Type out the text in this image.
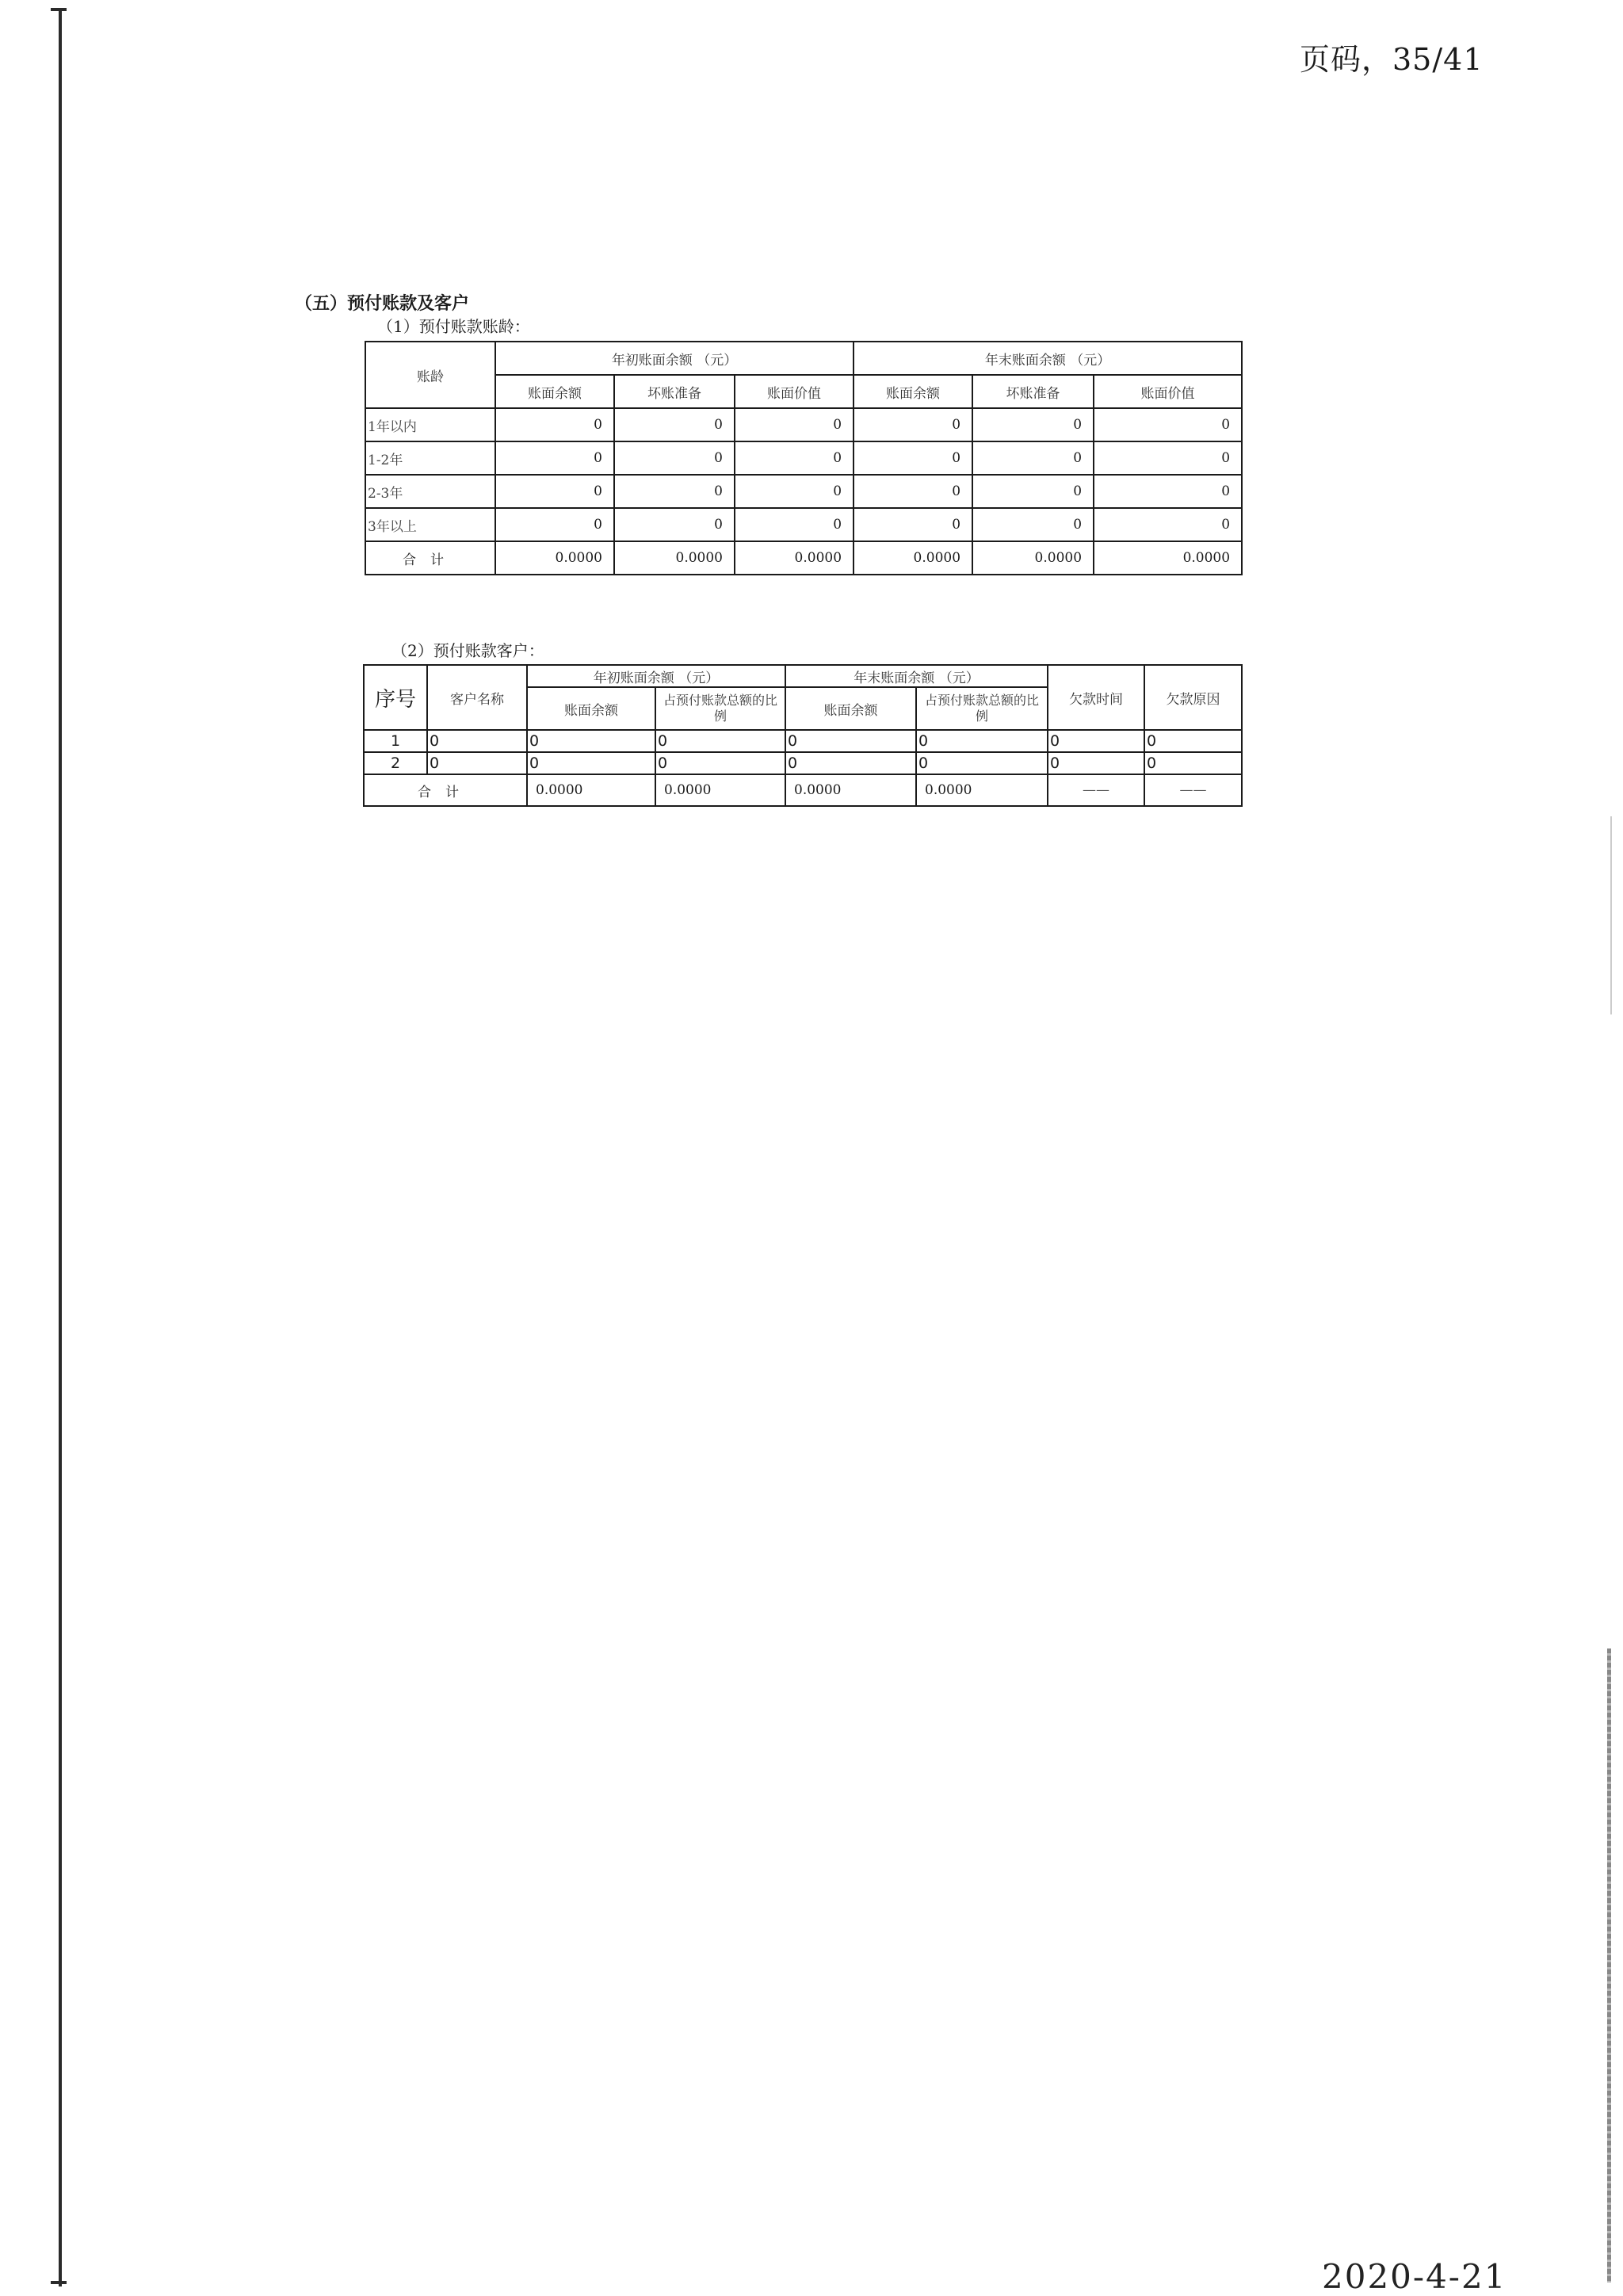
页码，35/41
（五）预付账款及客户
（1）预付账款账龄：
账龄	年初账面余额 （元）			年末账面余额 （元）		
	账面余额	坏账准备	账面价值	账面余额	坏账准备	账面价值
1年以内	0	0	0	0	0	0
1-2年	0	0	0	0	0	0
2-3年	0	0	0	0	0	0
3年以上	0	0	0	0	0	0
合计	0.0000	0.0000	0.0000	0.0000	0.0000	0.0000
（2）预付账款客户：
序号	客户名称	年初账面余额 （元）		年末账面余额 （元）		欠款时间	欠款原因
		账面余额	占预付账款总额的比例	账面余额	占预付账款总额的比例		
1	0	0	0	0	0	0	0
2	0	0	0	0	0	0	0
合计		0.0000	0.0000	0.0000	0.0000	——	——
2020-4-21
